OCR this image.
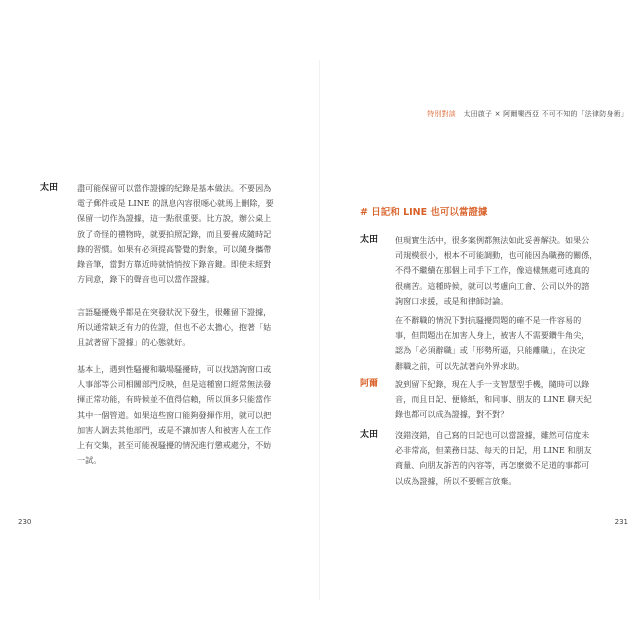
太田 盡可能保留可以當作證據的紀錄是基本做法。不要因為
電子郵件或是 LINE 的訊息內容很噁心就馬上刪除，要
保留一切作為證據，這一點很重要。比方說，辦公桌上
放了奇怪的禮物時，就要拍照記錄，而且要養成隨時記
錄的習慣。如果有必須提高警覺的對象，可以隨身攜帶
錄音筆，當對方靠近時就悄悄按下錄音鍵。即使未經對
方同意，錄下的聲音也可以當作證據。
言語騷擾幾乎都是在突發狀況下發生，很難留下證據，
所以通常缺乏有力的佐證，但也不必太擔心，抱著「姑
且試著留下證據」的心態就好。
基本上，遇到性騷擾和職場騷擾時，可以找諮詢窗口或
人事部等公司相關部門反映，但是這種窗口經常無法發
揮正常功能，有時候並不值得信賴，所以頂多只能當作
其中一個管道。如果這些窗口能夠發揮作用，就可以把
加害人調去其他部門，或是不讓加害人和被害人在工作
上有交集，甚至可能視騷擾的情況進行懲戒處分，不妨
一試。
230
特別對談 太田啟子 × 阿爾樂西亞 不可不知的「法律防身術」
# 日記和 LINE 也可以當證據
太田 但現實生活中，很多案例都無法如此妥善解決。如果公
司規模很小，根本不可能調動，也可能因為職務的關係，
不得不繼續在那個上司手下工作，像這樣無處可逃真的
很痛苦。這種時候，就可以考慮向工會、公司以外的諮
詢窗口求援，或是和律師討論。
在不辭職的情況下對抗騷擾問題的確不是一件容易的
事，但問題出在加害人身上，被害人不需要鑽牛角尖，
認為「必須辭職」或「形勢所逼，只能離職」，在決定
辭職之前，可以先試著向外界求助。
阿爾 說到留下紀錄，現在人手一支智慧型手機，隨時可以錄
音，而且日記、便條紙，和同事、朋友的 LINE 聊天紀
錄也都可以成為證據，對不對？
太田 沒錯沒錯，自己寫的日記也可以當證據，雖然可信度未
必非常高，但業務日誌、每天的日記，用 LINE 和朋友
商量、向朋友訴苦的內容等，再怎麼微不足道的事都可
以成為證據，所以不要輕言放棄。
231
